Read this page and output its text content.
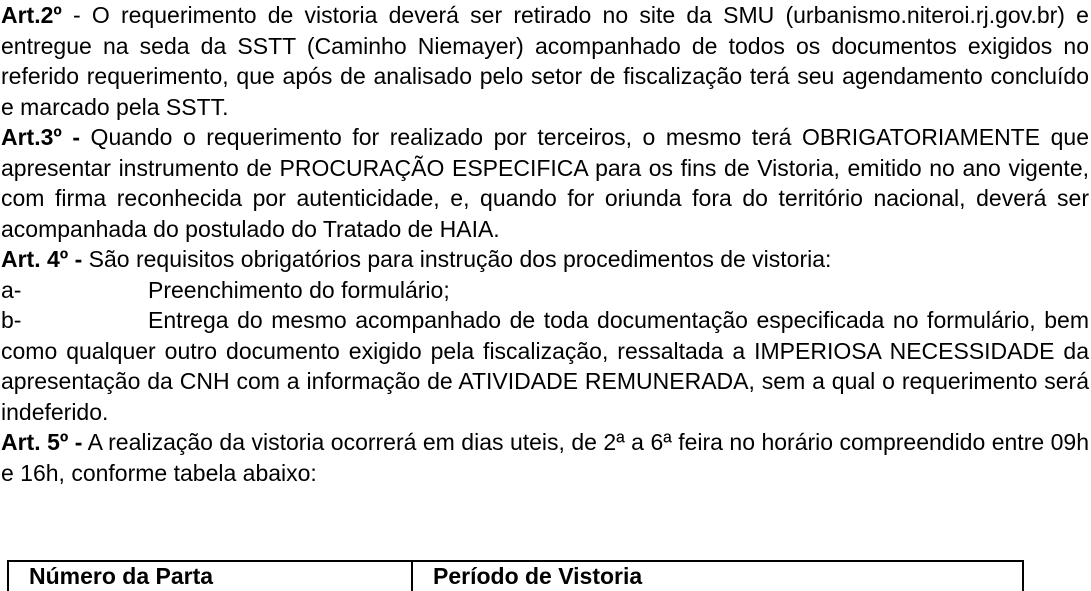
Art.2º - O requerimento de vistoria deverá ser retirado no site da SMU (urbanismo.niteroi.rj.gov.br) e entregue na seda da SSTT (Caminho Niemayer) acompanhado de todos os documentos exigidos no referido requerimento, que após de analisado pelo setor de fiscalização terá seu agendamento concluído e marcado pela SSTT.

Art.3º - Quando o requerimento for realizado por terceiros, o mesmo terá OBRIGATORIAMENTE que apresentar instrumento de PROCURAÇÃO ESPECIFICA para os fins de Vistoria, emitido no ano vigente, com firma reconhecida por autenticidade, e, quando for oriunda fora do território nacional, deverá ser acompanhada do postulado do Tratado de HAIA.

Art. 4º - São requisitos obrigatórios para instrução dos procedimentos de vistoria:

a-	Preenchimento do formulário;

b-	Entrega do mesmo acompanhado de toda documentação especificada no formulário, bem como qualquer outro documento exigido pela fiscalização, ressaltada a IMPERIOSA NECESSIDADE da apresentação da CNH com a informação de ATIVIDADE REMUNERADA, sem a qual o requerimento será indeferido.

Art. 5º - A realização da vistoria ocorrerá em dias uteis, de 2ª a 6ª feira no horário compreendido entre 09h e 16h, conforme tabela abaixo:

Número da Parta	Período de Vistoria
